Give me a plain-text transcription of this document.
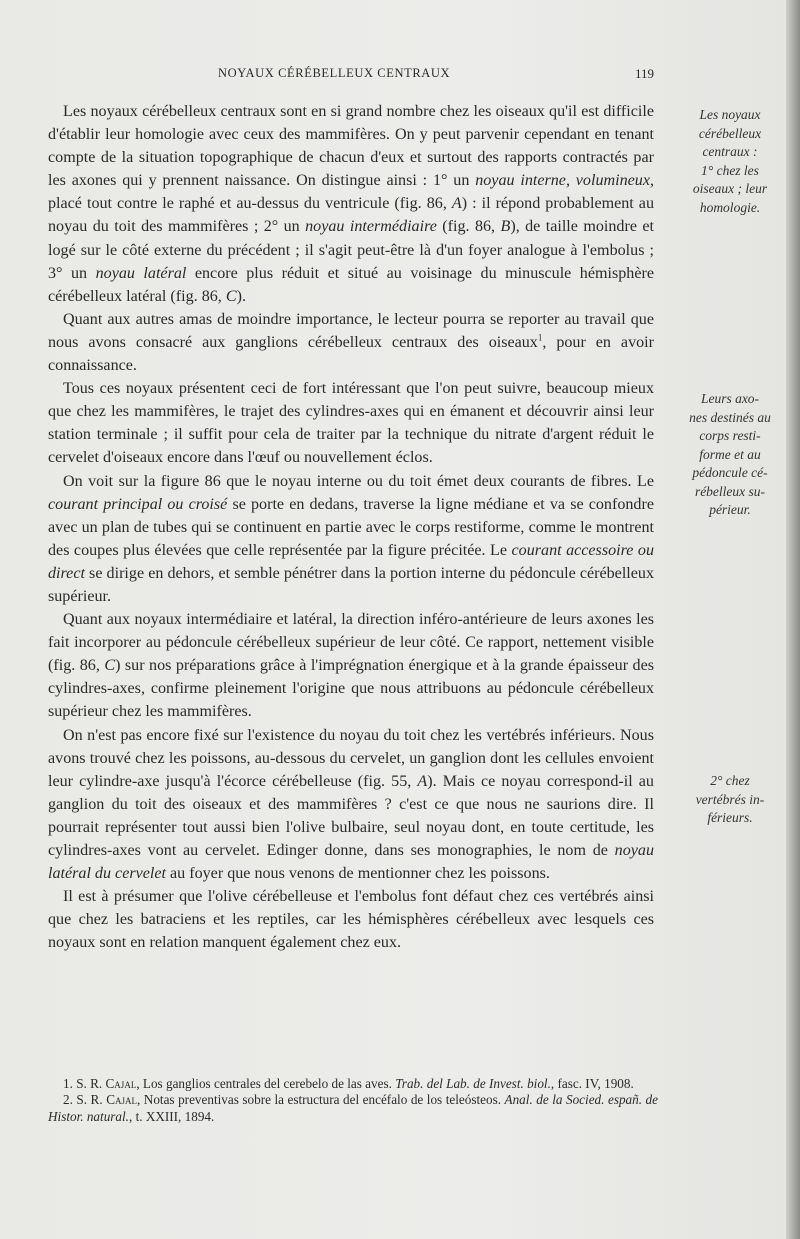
NOYAUX CÉRÉBELLEUX CENTRAUX	119

Les noyaux cérébelleux centraux sont en si grand nombre chez les oiseaux qu'il est difficile d'établir leur homologie avec ceux des mammifères. On y peut parvenir cependant en tenant compte de la situation topographique de chacun d'eux et surtout des rapports contractés par les axones qui y prennent naissance. On distingue ainsi : 1° un noyau interne, volumineux, placé tout contre le raphé et au-dessus du ventricule (fig. 86, A) : il répond probablement au noyau du toit des mammifères ; 2° un noyau intermédiaire (fig. 86, B), de taille moindre et logé sur le côté externe du précédent ; il s'agit peut-être là d'un foyer analogue à l'embolus ; 3° un noyau latéral encore plus réduit et situé au voisinage du minuscule hémisphère cérébelleux latéral (fig. 86, C).

Quant aux autres amas de moindre importance, le lecteur pourra se reporter au travail que nous avons consacré aux ganglions cérébelleux centraux des oiseaux$^1$, pour en avoir connaissance.

Tous ces noyaux présentent ceci de fort intéressant que l'on peut suivre, beaucoup mieux que chez les mammifères, le trajet des cylindres-axes qui en émanent et découvrir ainsi leur station terminale ; il suffit pour cela de traiter par la technique du nitrate d'argent réduit le cervelet d'oiseaux encore dans l'œuf ou nouvellement éclos.

On voit sur la figure 86 que le noyau interne ou du toit émet deux courants de fibres. Le courant principal ou croisé se porte en dedans, traverse la ligne médiane et va se confondre avec un plan de tubes qui se continuent en partie avec le corps restiforme, comme le montrent des coupes plus élevées que celle représentée par la figure précitée. Le courant accessoire ou direct se dirige en dehors, et semble pénétrer dans la portion interne du pédoncule cérébelleux supérieur.

Quant aux noyaux intermédiaire et latéral, la direction inféro-antérieure de leurs axones les fait incorporer au pédoncule cérébelleux supérieur de leur côté. Ce rapport, nettement visible (fig. 86, C) sur nos préparations grâce à l'imprégnation énergique et à la grande épaisseur des cylindres-axes, confirme pleinement l'origine que nous attribuons au pédoncule cérébelleux supérieur chez les mammifères.

On n'est pas encore fixé sur l'existence du noyau du toit chez les vertébrés inférieurs. Nous avons trouvé chez les poissons, au-dessous du cervelet, un ganglion dont les cellules envoient leur cylindre-axe jusqu'à l'écorce cérébelleuse (fig. 55, A). Mais ce noyau correspond-il au ganglion du toit des oiseaux et des mammifères ? c'est ce que nous ne saurions dire. Il pourrait représenter tout aussi bien l'olive bulbaire, seul noyau dont, en toute certitude, les cylindres-axes vont au cervelet. Edinger donne, dans ses monographies, le nom de noyau latéral du cervelet au foyer que nous venons de mentionner chez les poissons.

Il est à présumer que l'olive cérébelleuse et l'embolus font défaut chez ces vertébrés ainsi que chez les batraciens et les reptiles, car les hémisphères cérébelleux avec lesquels ces noyaux sont en relation manquent également chez eux.

Les noyaux
cérébelleux
centraux :
1° chez les
oiseaux ; leur
homologie.
Leurs axo-
nes destinés au
corps resti-
forme et au
pédoncule cé-
rébelleux su-
périeur.
2° chez
vertébrés in-
férieurs.

1. S. R. Cajal, Los ganglios centrales del cerebelo de las aves. Trab. del Lab. de Invest. biol., fasc. IV, 1908.

2. S. R. Cajal, Notas preventivas sobre la estructura del encéfalo de los teleósteos. Anal. de la Socied. españ. de Histor. natural., t. XXIII, 1894.
